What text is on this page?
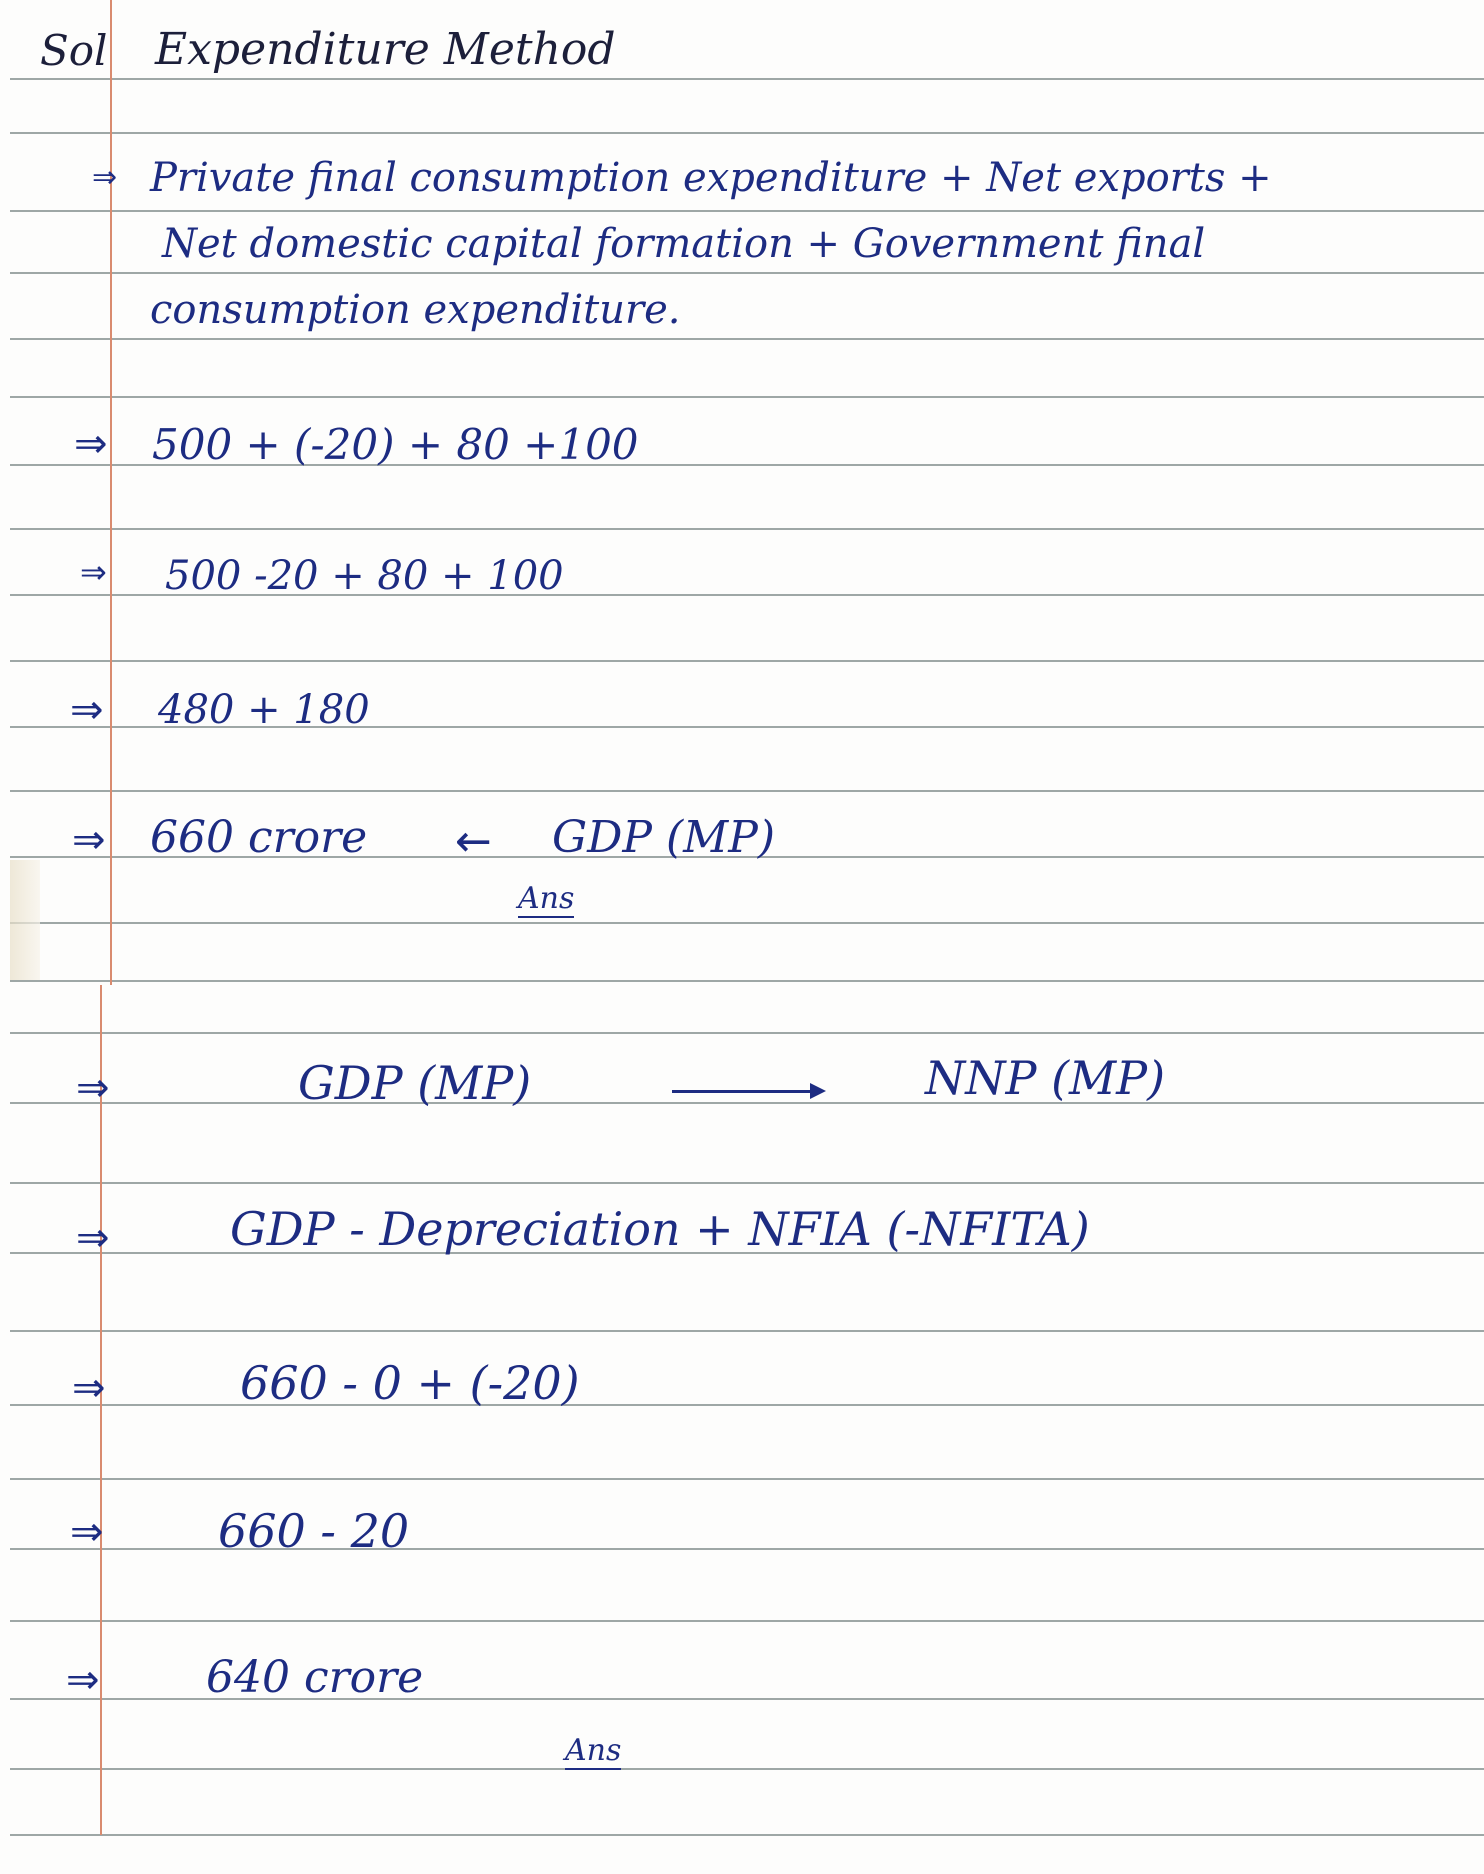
Sol Expenditure Method
⇒ Private final consumption expenditure + Net exports +
Net domestic capital formation + Government final
consumption expenditure.
⇒ 500 + (-20) + 80 +100
⇒ 500 -20 + 80 + 100
⇒ 480 + 180
⇒ 660 crore ← GDP (MP)
Ans
⇒	GDP (MP)	NNP (MP)
⇒	GDP - Depreciation + NFIA (-NFITA)
⇒	660 - 0 + (-20)
⇒ 660 - 20
⇒ 640 crore
Ans
